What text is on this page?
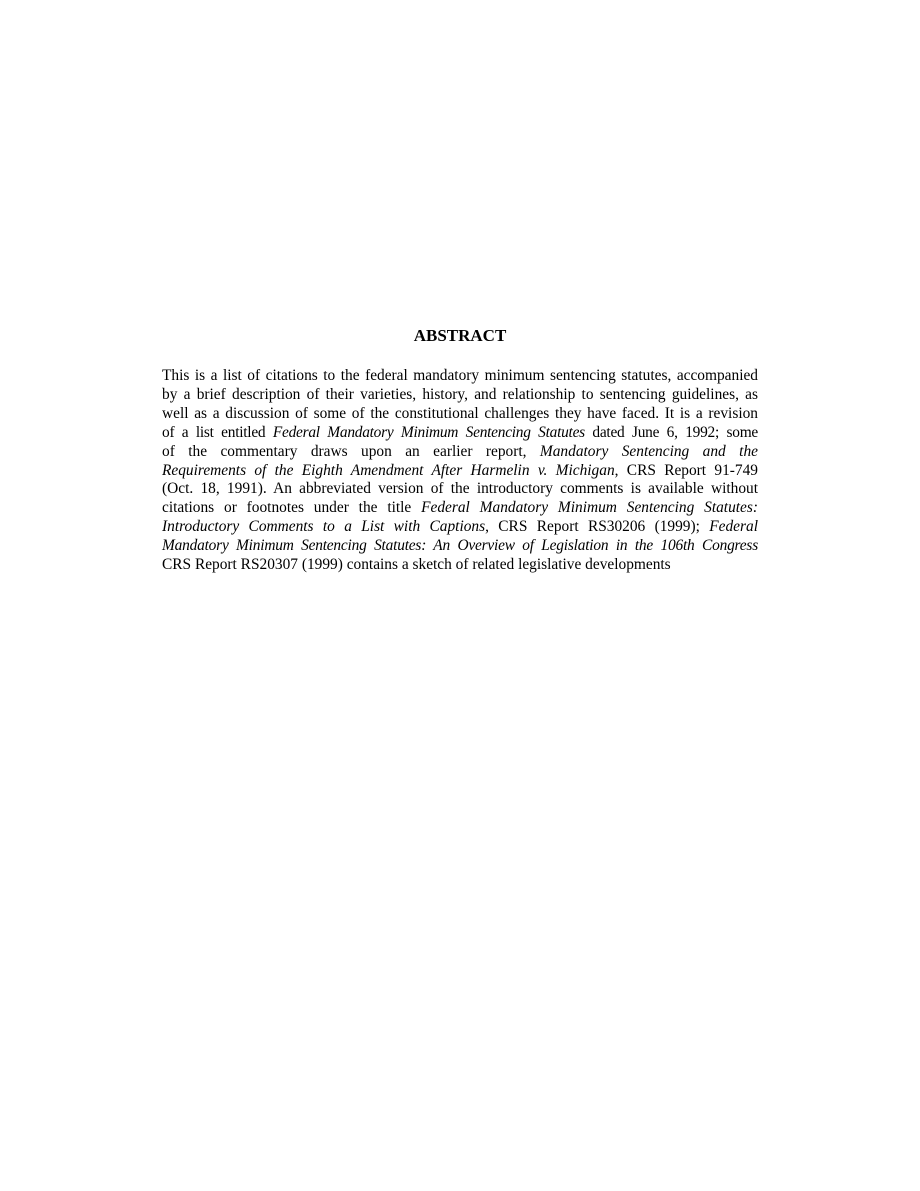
ABSTRACT
This is a list of citations to the federal mandatory minimum sentencing statutes, accompanied
by a brief description of their varieties, history, and relationship to sentencing guidelines, as
well as a discussion of some of the constitutional challenges they have faced. It is a revision
of a list entitled Federal Mandatory Minimum Sentencing Statutes dated June 6, 1992; some
of the commentary draws upon an earlier report, Mandatory Sentencing and the
Requirements of the Eighth Amendment After Harmelin v. Michigan, CRS Report 91-749
(Oct. 18, 1991). An abbreviated version of the introductory comments is available without
citations or footnotes under the title Federal Mandatory Minimum Sentencing Statutes:
Introductory Comments to a List with Captions, CRS Report RS30206 (1999); Federal
Mandatory Minimum Sentencing Statutes: An Overview of Legislation in the 106th Congress
CRS Report RS20307 (1999) contains a sketch of related legislative developments
